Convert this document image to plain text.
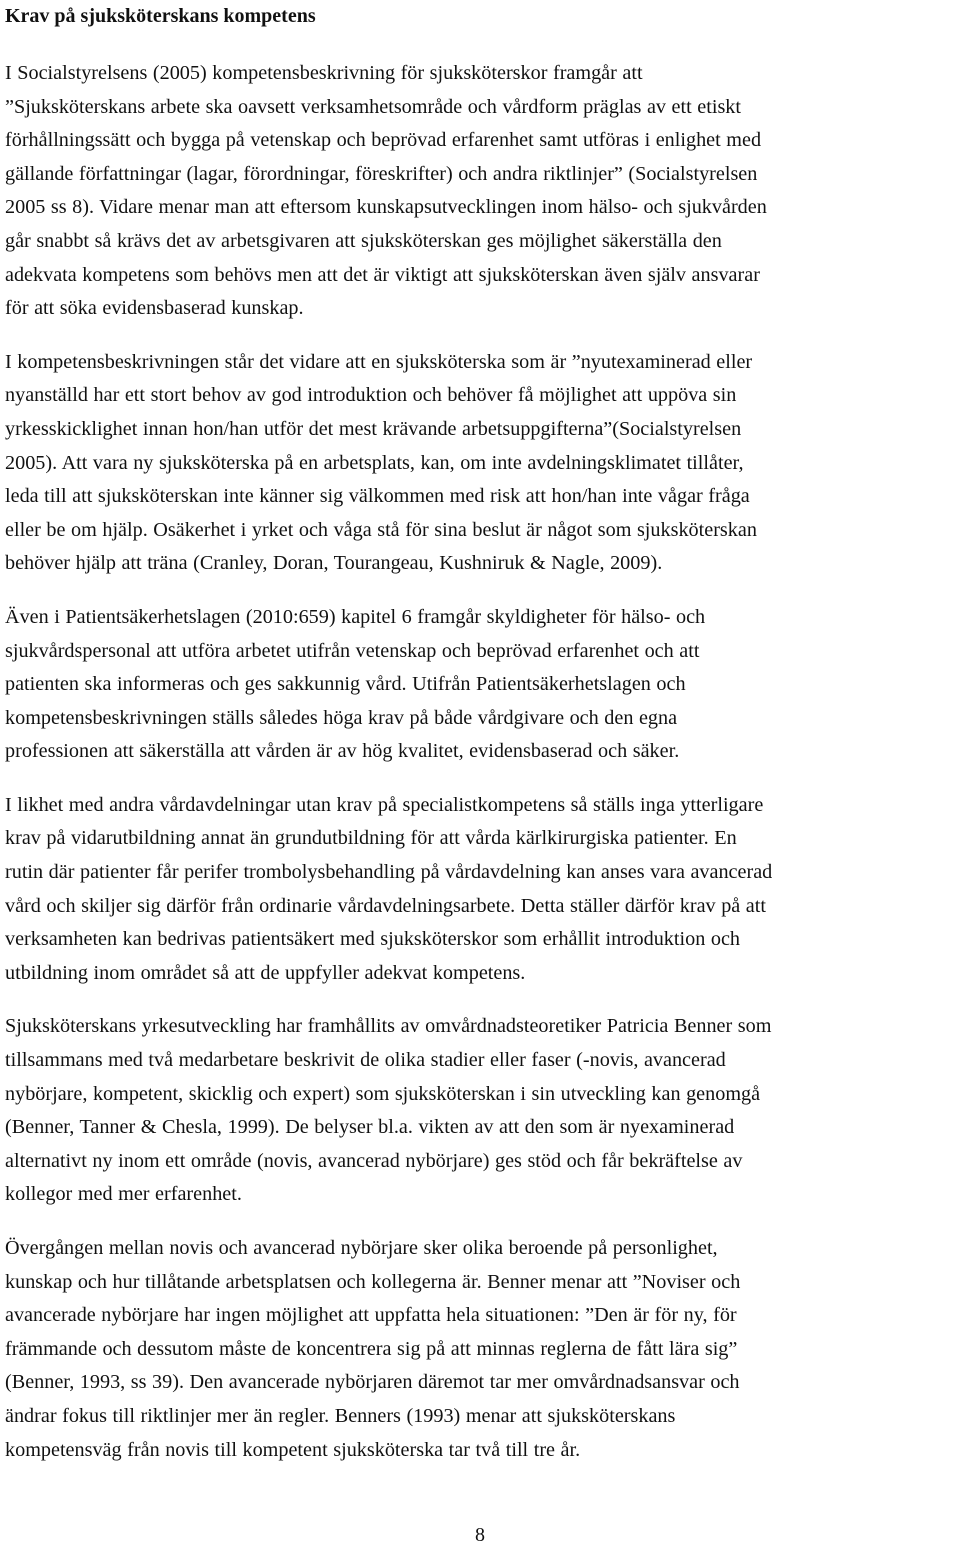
Krav på sjuksköterskans kompetens

I Socialstyrelsens (2005) kompetensbeskrivning för sjuksköterskor framgår att
”Sjuksköterskans arbete ska oavsett verksamhetsområde och vårdform präglas av ett etiskt
förhållningssätt och bygga på vetenskap och beprövad erfarenhet samt utföras i enlighet med
gällande författningar (lagar, förordningar, föreskrifter) och andra riktlinjer” (Socialstyrelsen
2005 ss 8). Vidare menar man att eftersom kunskapsutvecklingen inom hälso- och sjukvården
går snabbt så krävs det av arbetsgivaren att sjuksköterskan ges möjlighet säkerställa den
adekvata kompetens som behövs men att det är viktigt att sjuksköterskan även själv ansvarar
för att söka evidensbaserad kunskap.

I kompetensbeskrivningen står det vidare att en sjuksköterska som är ”nyutexaminerad eller
nyanställd har ett stort behov av god introduktion och behöver få möjlighet att uppöva sin
yrkesskicklighet innan hon/han utför det mest krävande arbetsuppgifterna”(Socialstyrelsen
2005). Att vara ny sjuksköterska på en arbetsplats, kan, om inte avdelningsklimatet tillåter,
leda till att sjuksköterskan inte känner sig välkommen med risk att hon/han inte vågar fråga
eller be om hjälp. Osäkerhet i yrket och våga stå för sina beslut är något som sjuksköterskan
behöver hjälp att träna (Cranley, Doran, Tourangeau, Kushniruk & Nagle, 2009).

Även i Patientsäkerhetslagen (2010:659) kapitel 6 framgår skyldigheter för hälso- och
sjukvårdspersonal att utföra arbetet utifrån vetenskap och beprövad erfarenhet och att
patienten ska informeras och ges sakkunnig vård. Utifrån Patientsäkerhetslagen och
kompetensbeskrivningen ställs således höga krav på både vårdgivare och den egna
professionen att säkerställa att vården är av hög kvalitet, evidensbaserad och säker.

I likhet med andra vårdavdelningar utan krav på specialistkompetens så ställs inga ytterligare
krav på vidarutbildning annat än grundutbildning för att vårda kärlkirurgiska patienter. En
rutin där patienter får perifer trombolysbehandling på vårdavdelning kan anses vara avancerad
vård och skiljer sig därför från ordinarie vårdavdelningsarbete. Detta ställer därför krav på att
verksamheten kan bedrivas patientsäkert med sjuksköterskor som erhållit introduktion och
utbildning inom området så att de uppfyller adekvat kompetens.

Sjuksköterskans yrkesutveckling har framhållits av omvårdnadsteoretiker Patricia Benner som
tillsammans med två medarbetare beskrivit de olika stadier eller faser (-novis, avancerad
nybörjare, kompetent, skicklig och expert) som sjuksköterskan i sin utveckling kan genomgå
(Benner, Tanner & Chesla, 1999). De belyser bl.a. vikten av att den som är nyexaminerad
alternativt ny inom ett område (novis, avancerad nybörjare) ges stöd och får bekräftelse av
kollegor med mer erfarenhet.

Övergången mellan novis och avancerad nybörjare sker olika beroende på personlighet,
kunskap och hur tillåtande arbetsplatsen och kollegerna är. Benner menar att ”Noviser och
avancerade nybörjare har ingen möjlighet att uppfatta hela situationen: ”Den är för ny, för
främmande och dessutom måste de koncentrera sig på att minnas reglerna de fått lära sig”
(Benner, 1993, ss 39). Den avancerade nybörjaren däremot tar mer omvårdnadsansvar och
ändrar fokus till riktlinjer mer än regler. Benners (1993) menar att sjuksköterskans
kompetensväg från novis till kompetent sjuksköterska tar två till tre år.

8
